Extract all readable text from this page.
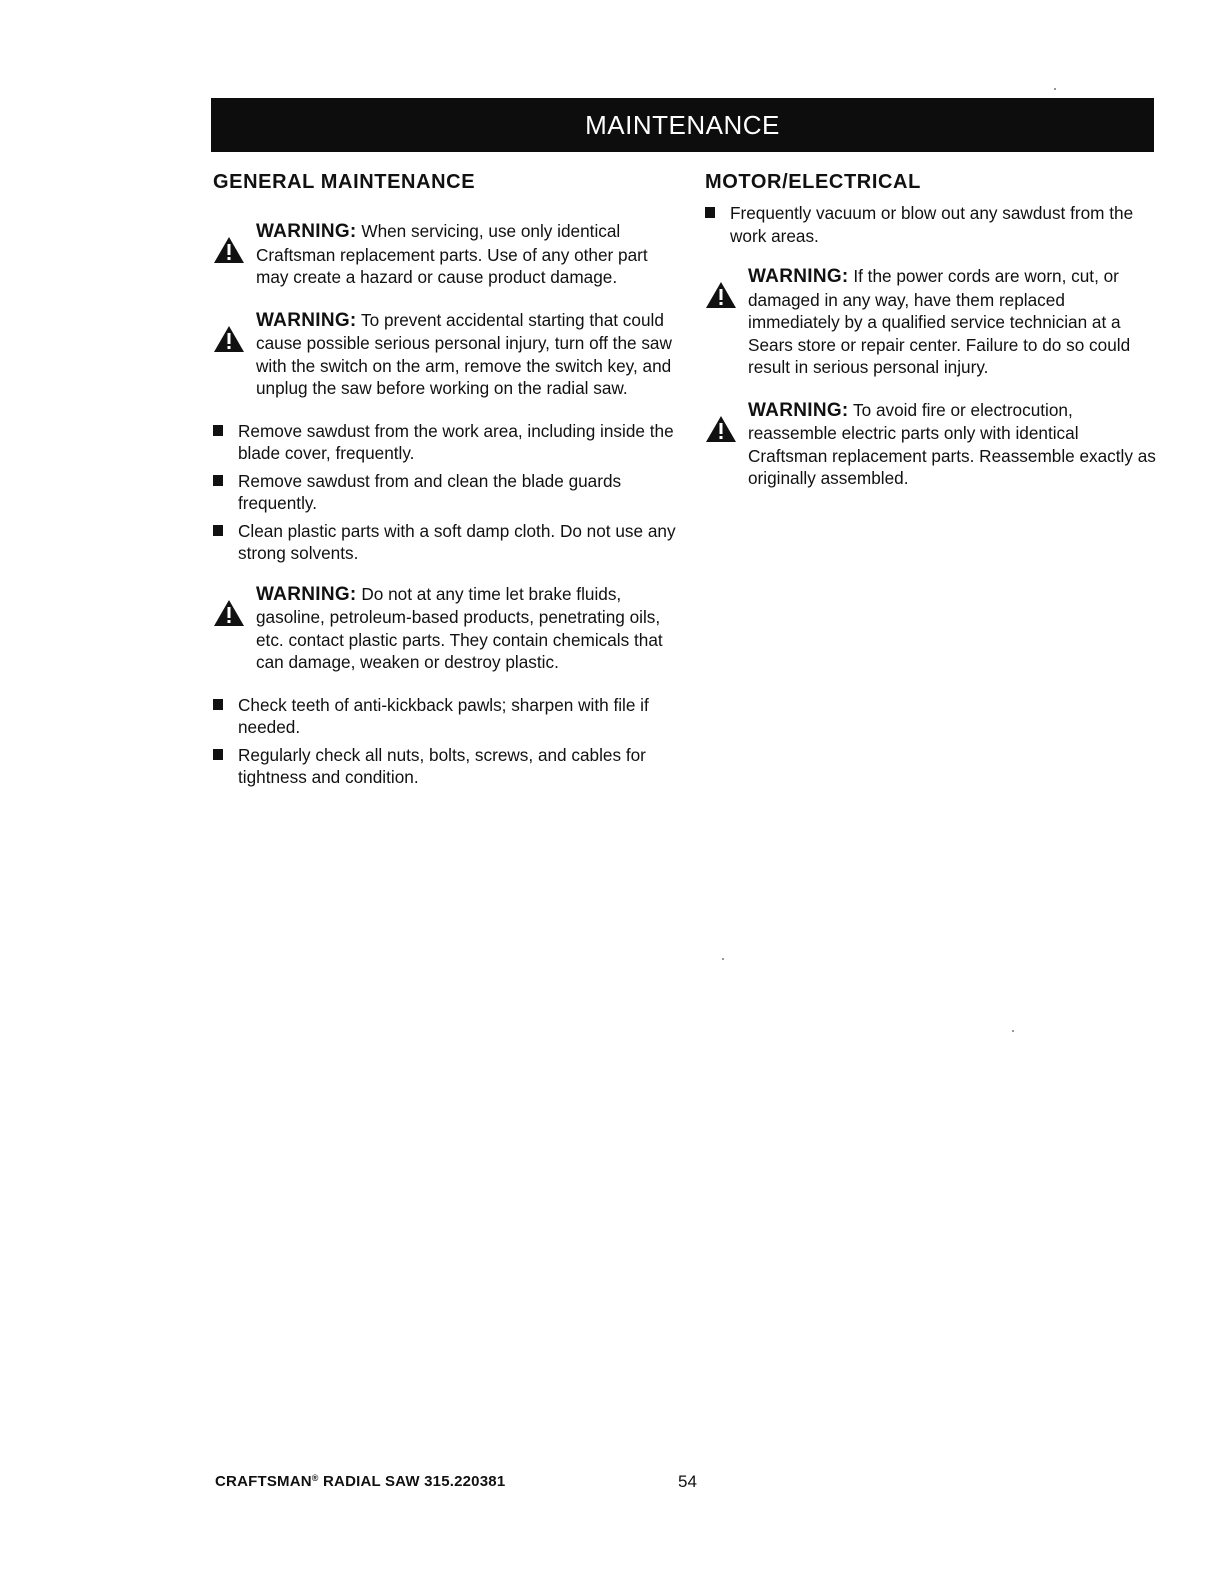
MAINTENANCE
GENERAL MAINTENANCE
WARNING: When servicing, use only identical Craftsman replacement parts. Use of any other part may create a hazard or cause product damage.
WARNING: To prevent accidental starting that could cause possible serious personal injury, turn off the saw with the switch on the arm, remove the switch key, and unplug the saw before working on the radial saw.
Remove sawdust from the work area, including inside the blade cover, frequently.
Remove sawdust from and clean the blade guards frequently.
Clean plastic parts with a soft damp cloth. Do not use any strong solvents.
WARNING: Do not at any time let brake fluids, gasoline, petroleum-based products, penetrating oils, etc. contact plastic parts. They contain chemicals that can damage, weaken or destroy plastic.
Check teeth of anti-kickback pawls; sharpen with file if needed.
Regularly check all nuts, bolts, screws, and cables for tightness and condition.
MOTOR/ELECTRICAL
Frequently vacuum or blow out any sawdust from the work areas.
WARNING: If the power cords are worn, cut, or damaged in any way, have them replaced immediately by a qualified service technician at a Sears store or repair center. Failure to do so could result in serious personal injury.
WARNING: To avoid fire or electrocution, reassemble electric parts only with identical Craftsman replacement parts. Reassemble exactly as originally assembled.
CRAFTSMAN® RADIAL SAW 315.220381	54
